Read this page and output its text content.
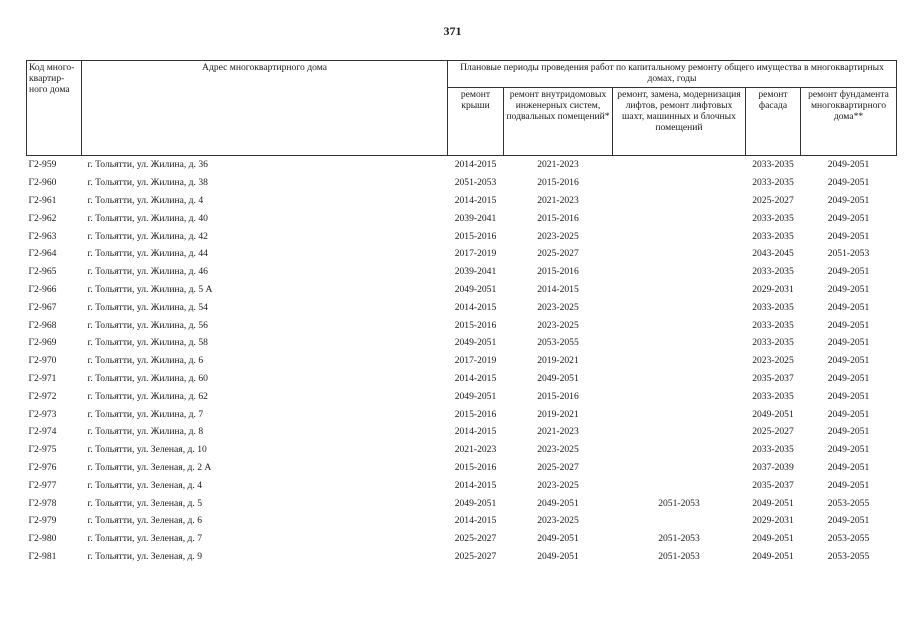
371
Код много-квартир-ного дома	Адрес многоквартирного дома	Плановые периоды проведения работ по капитальному ремонту общего имущества в многоквартирных домах, годы				
		ремонт крыши	ремонт внутридомовых инженерных систем, подвальных помещений*	ремонт, замена, модернизация лифтов, ремонт лифтовых шахт, машинных и блочных помещений	ремонт фасада	ремонт фундамента многоквартирного дома**
Г2-959	г. Тольятти, ул. Жилина, д. 36	2014-2015	2021-2023		2033-2035	2049-2051
Г2-960	г. Тольятти, ул. Жилина, д. 38	2051-2053	2015-2016		2033-2035	2049-2051
Г2-961	г. Тольятти, ул. Жилина, д. 4	2014-2015	2021-2023		2025-2027	2049-2051
Г2-962	г. Тольятти, ул. Жилина, д. 40	2039-2041	2015-2016		2033-2035	2049-2051
Г2-963	г. Тольятти, ул. Жилина, д. 42	2015-2016	2023-2025		2033-2035	2049-2051
Г2-964	г. Тольятти, ул. Жилина, д. 44	2017-2019	2025-2027		2043-2045	2051-2053
Г2-965	г. Тольятти, ул. Жилина, д. 46	2039-2041	2015-2016		2033-2035	2049-2051
Г2-966	г. Тольятти, ул. Жилина, д. 5 А	2049-2051	2014-2015		2029-2031	2049-2051
Г2-967	г. Тольятти, ул. Жилина, д. 54	2014-2015	2023-2025		2033-2035	2049-2051
Г2-968	г. Тольятти, ул. Жилина, д. 56	2015-2016	2023-2025		2033-2035	2049-2051
Г2-969	г. Тольятти, ул. Жилина, д. 58	2049-2051	2053-2055		2033-2035	2049-2051
Г2-970	г. Тольятти, ул. Жилина, д. 6	2017-2019	2019-2021		2023-2025	2049-2051
Г2-971	г. Тольятти, ул. Жилина, д. 60	2014-2015	2049-2051		2035-2037	2049-2051
Г2-972	г. Тольятти, ул. Жилина, д. 62	2049-2051	2015-2016		2033-2035	2049-2051
Г2-973	г. Тольятти, ул. Жилина, д. 7	2015-2016	2019-2021		2049-2051	2049-2051
Г2-974	г. Тольятти, ул. Жилина, д. 8	2014-2015	2021-2023		2025-2027	2049-2051
Г2-975	г. Тольятти, ул. Зеленая, д. 10	2021-2023	2023-2025		2033-2035	2049-2051
Г2-976	г. Тольятти, ул. Зеленая, д. 2 А	2015-2016	2025-2027		2037-2039	2049-2051
Г2-977	г. Тольятти, ул. Зеленая, д. 4	2014-2015	2023-2025		2035-2037	2049-2051
Г2-978	г. Тольятти, ул. Зеленая, д. 5	2049-2051	2049-2051	2051-2053	2049-2051	2053-2055
Г2-979	г. Тольятти, ул. Зеленая, д. 6	2014-2015	2023-2025		2029-2031	2049-2051
Г2-980	г. Тольятти, ул. Зеленая, д. 7	2025-2027	2049-2051	2051-2053	2049-2051	2053-2055
Г2-981	г. Тольятти, ул. Зеленая, д. 9	2025-2027	2049-2051	2051-2053	2049-2051	2053-2055
